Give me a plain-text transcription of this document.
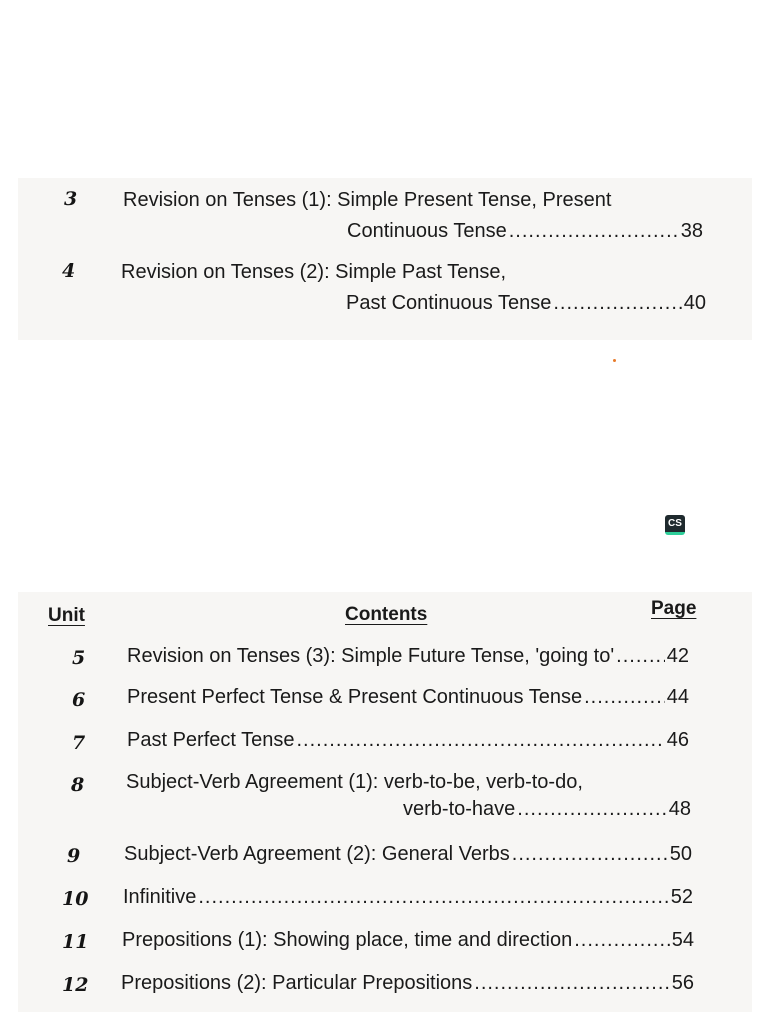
3 Revision on Tenses (1): Simple Present Tense, Present
Continuous Tense .....	38
4 Revision on Tenses (2): Simple Past Tense,
Past Continuous Tense .....	40
CS
Unit	Contents	Page
5 Revision on Tenses (3): Simple Future Tense, 'going to' .....	42
6 Present Perfect Tense & Present Continuous Tense .....	44
7 Past Perfect Tense .....	46
8 Subject-Verb Agreement (1): verb-to-be, verb-to-do,
verb-to-have .....	48
9 Subject-Verb Agreement (2): General Verbs .....	50
10 Infinitive .....	52
11 Prepositions (1): Showing place, time and direction .....	54
12 Prepositions (2): Particular Prepositions .....	56
